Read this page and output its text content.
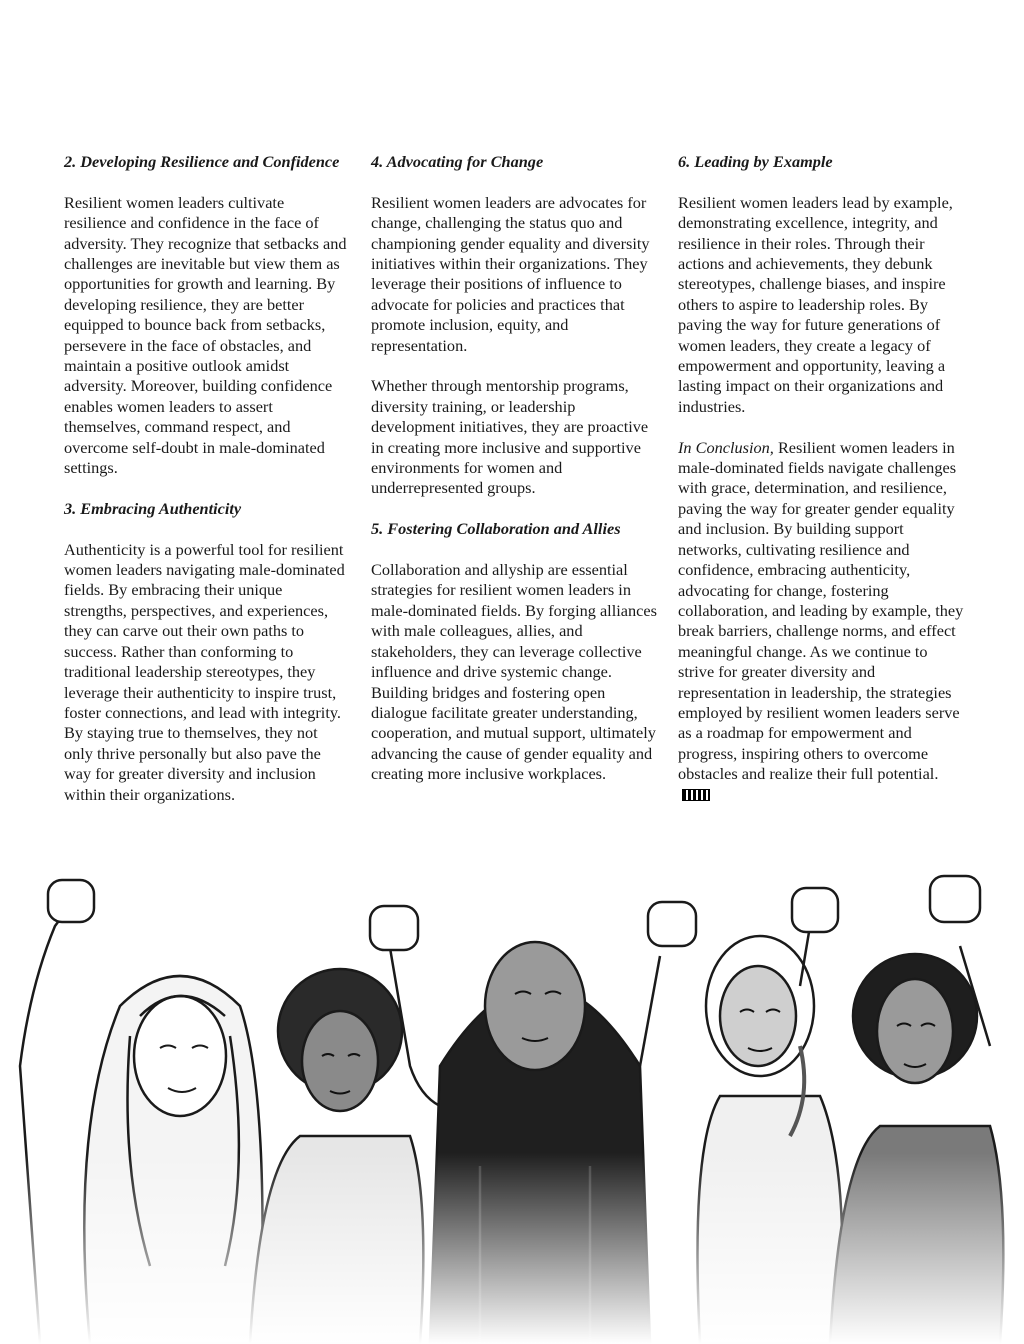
2. Developing Resilience and Confidence
Resilient women leaders cultivate resilience and confidence in the face of adversity. They recognize that setbacks and challenges are inevitable but view them as opportunities for growth and learning. By developing resilience, they are better equipped to bounce back from setbacks, persevere in the face of obstacles, and maintain a positive outlook amidst adversity. Moreover, building confidence enables women leaders to assert themselves, command respect, and overcome self-doubt in male-dominated settings.
3. Embracing Authenticity
Authenticity is a powerful tool for resilient women leaders navigating male-dominated fields. By embracing their unique strengths, perspectives, and experiences, they can carve out their own paths to success. Rather than conforming to traditional leadership stereotypes, they leverage their authenticity to inspire trust, foster connections, and lead with integrity. By staying true to themselves, they not only thrive personally but also pave the way for greater diversity and inclusion within their organizations.
4. Advocating for Change
Resilient women leaders are advocates for change, challenging the status quo and championing gender equality and diversity initiatives within their organizations. They leverage their positions of influence to advocate for policies and practices that promote inclusion, equity, and representation.
Whether through mentorship programs, diversity training, or leadership development initiatives, they are proactive in creating more inclusive and supportive environments for women and underrepresented groups.
5. Fostering Collaboration and Allies
Collaboration and allyship are essential strategies for resilient women leaders in male-dominated fields. By forging alliances with male colleagues, allies, and stakeholders, they can leverage collective influence and drive systemic change. Building bridges and fostering open dialogue facilitate greater understanding, cooperation, and mutual support, ultimately advancing the cause of gender equality and creating more inclusive workplaces.
6. Leading by Example
Resilient women leaders lead by example, demonstrating excellence, integrity, and resilience in their roles. Through their actions and achievements, they debunk stereotypes, challenge biases, and inspire others to aspire to leadership roles. By paving the way for future generations of women leaders, they create a legacy of empowerment and opportunity, leaving a lasting impact on their organizations and industries.
In Conclusion, Resilient women leaders in male-dominated fields navigate challenges with grace, determination, and resilience, paving the way for greater gender equality and inclusion. By building support networks, cultivating resilience and confidence, embracing authenticity, advocating for change, fostering collaboration, and leading by example, they break barriers, challenge norms, and effect meaningful change. As we continue to strive for greater diversity and representation in leadership, the strategies employed by resilient women leaders serve as a roadmap for empowerment and progress, inspiring others to overcome obstacles and realize their full potential.
